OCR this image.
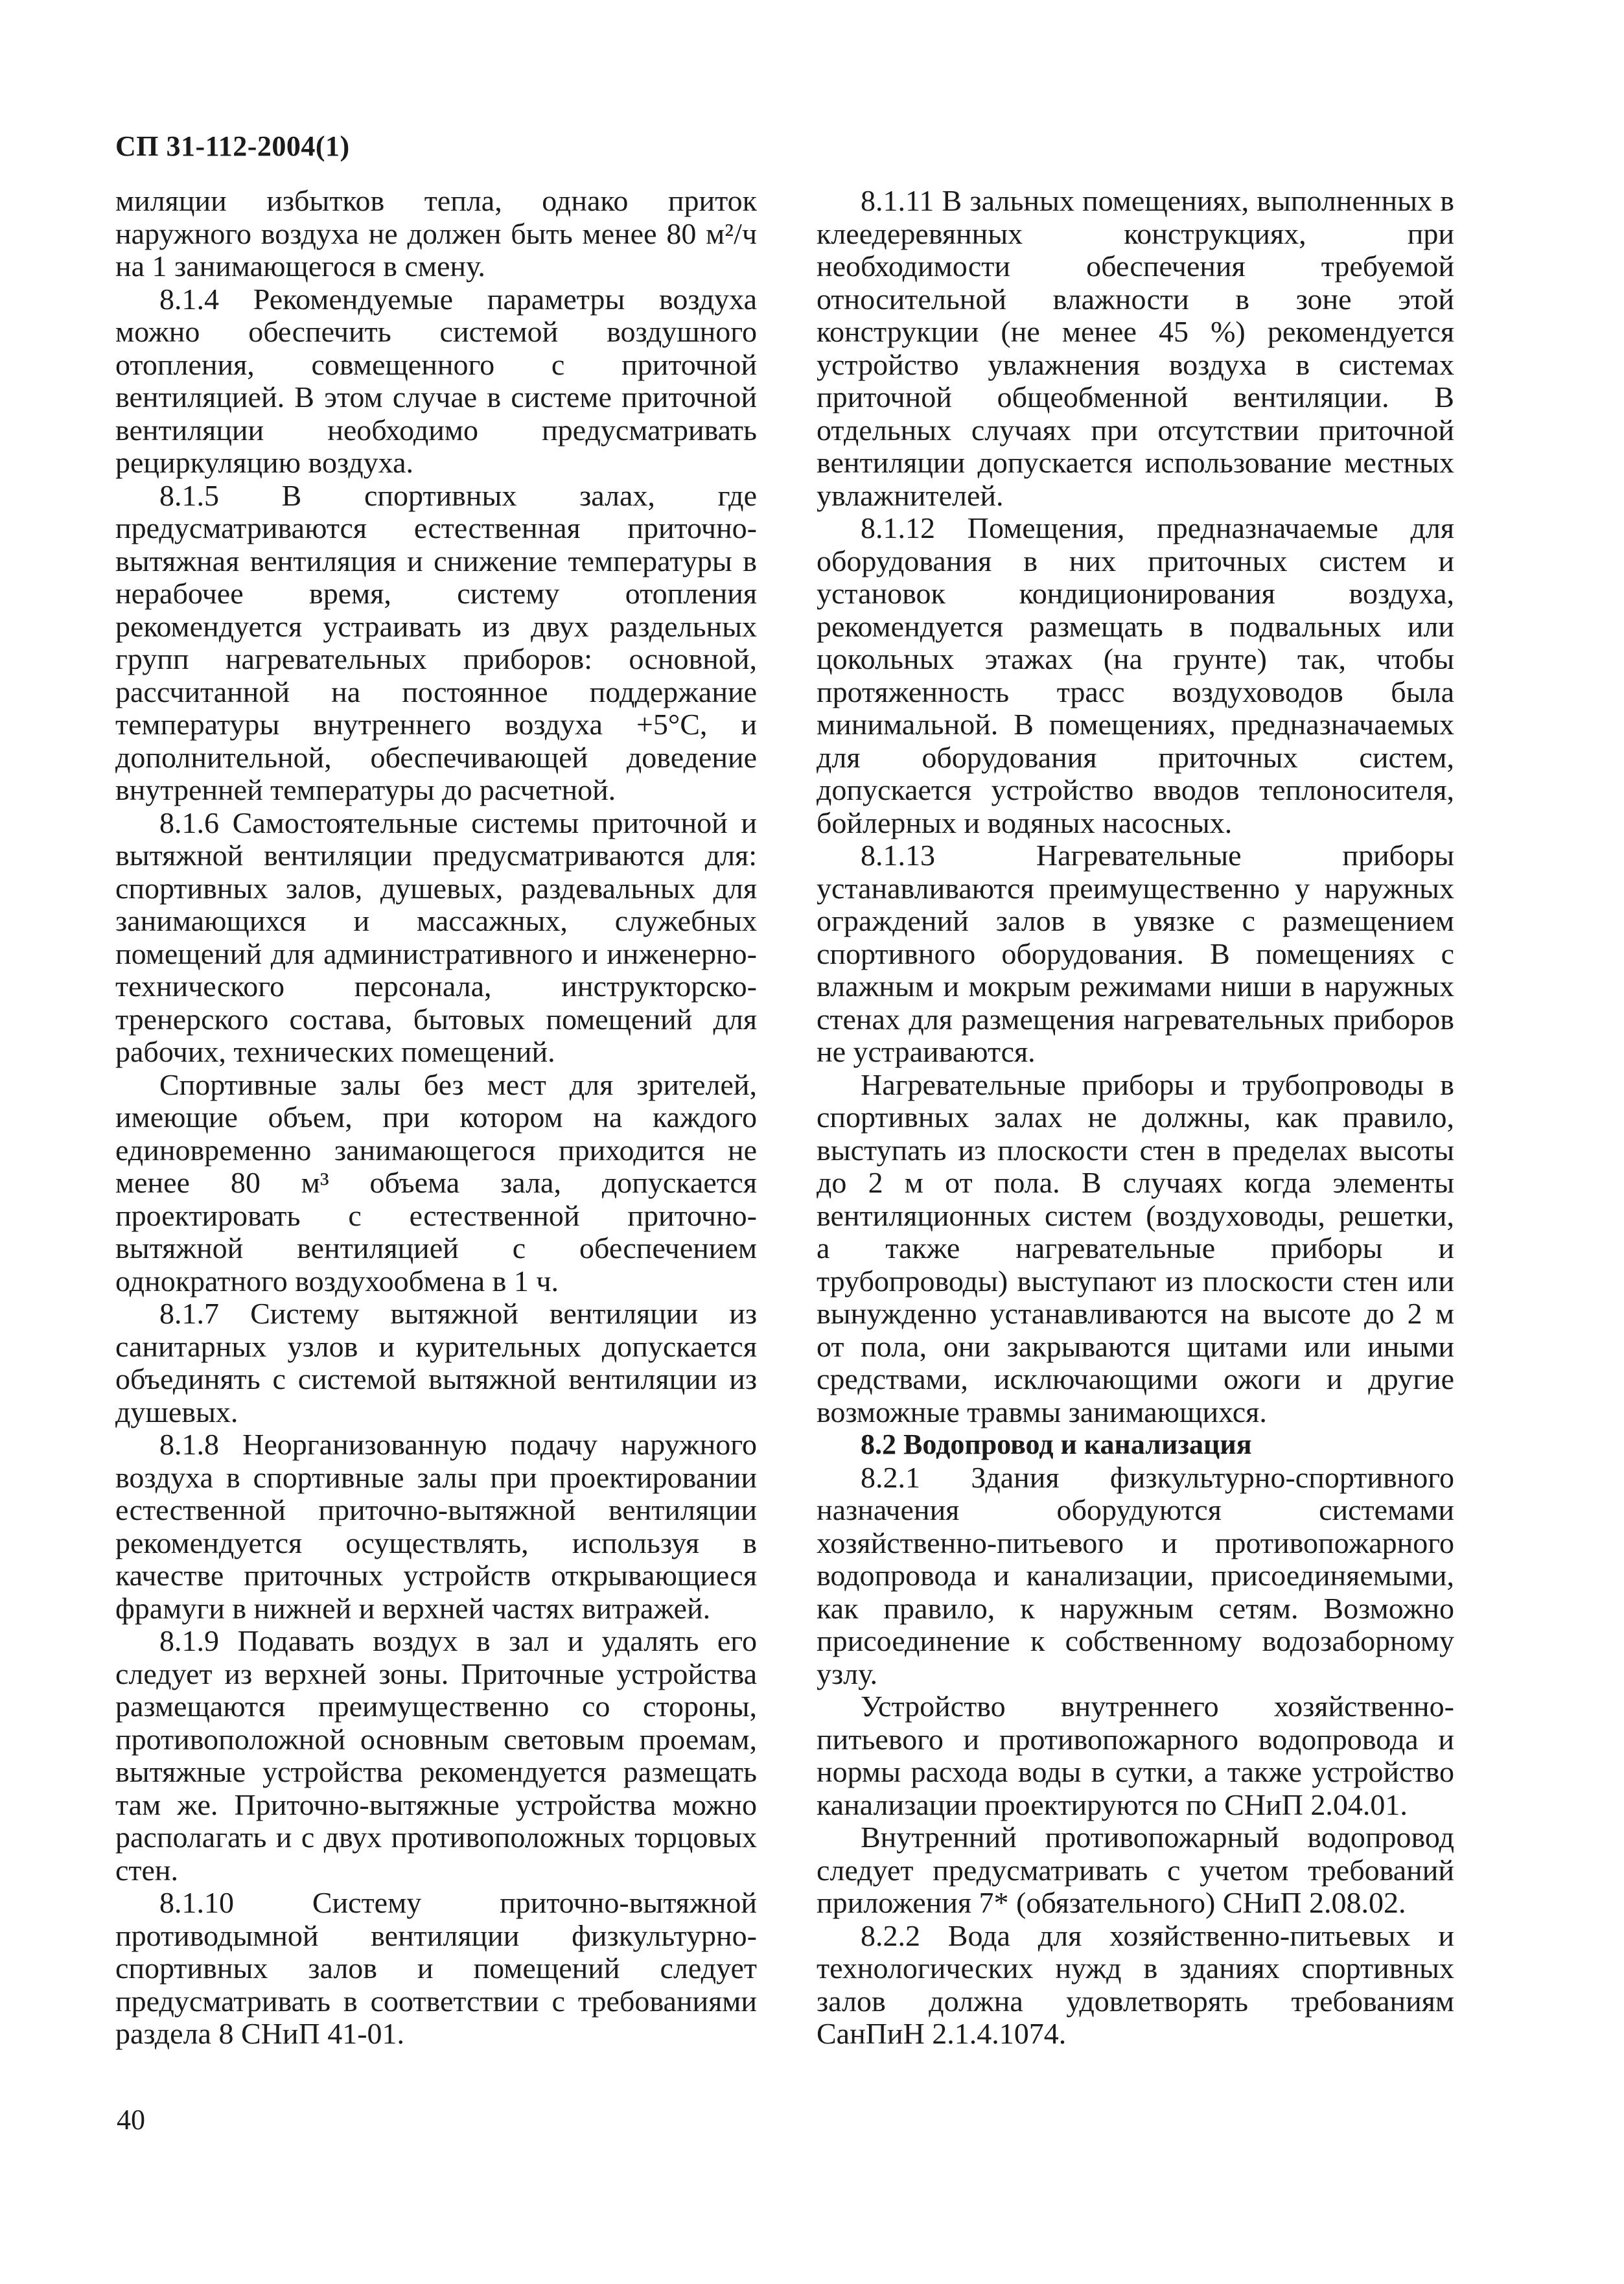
СП 31-112-2004(1)

миляции избытков тепла, однако приток наружного воздуха не должен быть менее 80 м²/ч на 1 занимающегося в смену.

8.1.4 Рекомендуемые параметры воздуха можно обеспечить системой воздушного отопления, совмещенного с приточной вентиляцией. В этом случае в системе приточной вентиляции необходимо предусматривать рециркуляцию воздуха.

8.1.5 В спортивных залах, где предусматриваются естественная приточно-вытяжная вентиляция и снижение температуры в нерабочее время, систему отопления рекомендуется устраивать из двух раздельных групп нагревательных приборов: основной, рассчитанной на постоянное поддержание температуры внутреннего воздуха +5°С, и дополнительной, обеспечивающей доведение внутренней температуры до расчетной.

8.1.6 Самостоятельные системы приточной и вытяжной вентиляции предусматриваются для: спортивных залов, душевых, раздевальных для занимающихся и массажных, служебных помещений для административного и инженерно-технического персонала, инструкторско-тренерского состава, бытовых помещений для рабочих, технических помещений.

Спортивные залы без мест для зрителей, имеющие объем, при котором на каждого единовременно занимающегося приходится не менее 80 м³ объема зала, допускается проектировать с естественной приточно-вытяжной вентиляцией с обеспечением однократного воздухообмена в 1 ч.

8.1.7 Систему вытяжной вентиляции из санитарных узлов и курительных допускается объединять с системой вытяжной вентиляции из душевых.

8.1.8 Неорганизованную подачу наружного воздуха в спортивные залы при проектировании естественной приточно-вытяжной вентиляции рекомендуется осуществлять, используя в качестве приточных устройств открывающиеся фрамуги в нижней и верхней частях витражей.

8.1.9 Подавать воздух в зал и удалять его следует из верхней зоны. Приточные устройства размещаются преимущественно со стороны, противоположной основным световым проемам, вытяжные устройства рекомендуется размещать там же. Приточно-вытяжные устройства можно располагать и с двух противоположных торцовых стен.

8.1.10 Систему приточно-вытяжной противодымной вентиляции физкультурно-спортивных залов и помещений следует предусматривать в соответствии с требованиями раздела 8 СНиП 41-01.

8.1.11 В зальных помещениях, выполненных в клеедеревянных конструкциях, при необходимости обеспечения требуемой относительной влажности в зоне этой конструкции (не менее 45 %) рекомендуется устройство увлажнения воздуха в системах приточной общеобменной вентиляции. В отдельных случаях при отсутствии приточной вентиляции допускается использование местных увлажнителей.

8.1.12 Помещения, предназначаемые для оборудования в них приточных систем и установок кондиционирования воздуха, рекомендуется размещать в подвальных или цокольных этажах (на грунте) так, чтобы протяженность трасс воздуховодов была минимальной. В помещениях, предназначаемых для оборудования приточных систем, допускается устройство вводов теплоносителя, бойлерных и водяных насосных.

8.1.13 Нагревательные приборы устанавливаются преимущественно у наружных ограждений залов в увязке с размещением спортивного оборудования. В помещениях с влажным и мокрым режимами ниши в наружных стенах для размещения нагревательных приборов не устраиваются.

Нагревательные приборы и трубопроводы в спортивных залах не должны, как правило, выступать из плоскости стен в пределах высоты до 2 м от пола. В случаях когда элементы вентиляционных систем (воздуховоды, решетки, а также нагревательные приборы и трубопроводы) выступают из плоскости стен или вынужденно устанавливаются на высоте до 2 м от пола, они закрываются щитами или иными средствами, исключающими ожоги и другие возможные травмы занимающихся.

8.2 Водопровод и канализация

8.2.1 Здания физкультурно-спортивного назначения оборудуются системами хозяйственно-питьевого и противопожарного водопровода и канализации, присоединяемыми, как правило, к наружным сетям. Возможно присоединение к собственному водозаборному узлу.

Устройство внутреннего хозяйственно-питьевого и противопожарного водопровода и нормы расхода воды в сутки, а также устройство канализации проектируются по СНиП 2.04.01.

Внутренний противопожарный водопровод следует предусматривать с учетом требований приложения 7* (обязательного) СНиП 2.08.02.

8.2.2 Вода для хозяйственно-питьевых и технологических нужд в зданиях спортивных залов должна удовлетворять требованиям СанПиН 2.1.4.1074.

40
